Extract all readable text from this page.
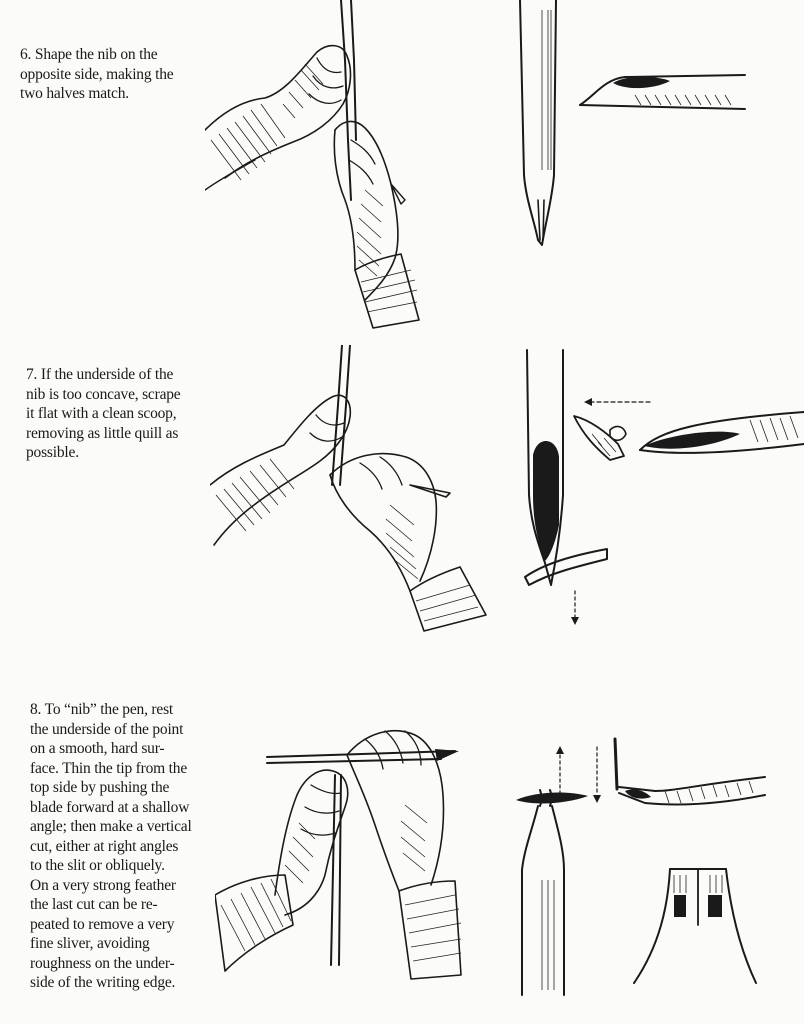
6. Shape the nib on the
opposite side, making the
two halves match.
7. If the underside of the
nib is too concave, scrape
it flat with a clean scoop,
removing as little quill as
possible.
8. To “nib” the pen, rest
the underside of the point
on a smooth, hard sur-
face. Thin the tip from the
top side by pushing the
blade forward at a shallow
angle; then make a vertical
cut, either at right angles
to the slit or obliquely.
On a very strong feather
the last cut can be re-
peated to remove a very
fine sliver, avoiding
roughness on the under-
side of the writing edge.
